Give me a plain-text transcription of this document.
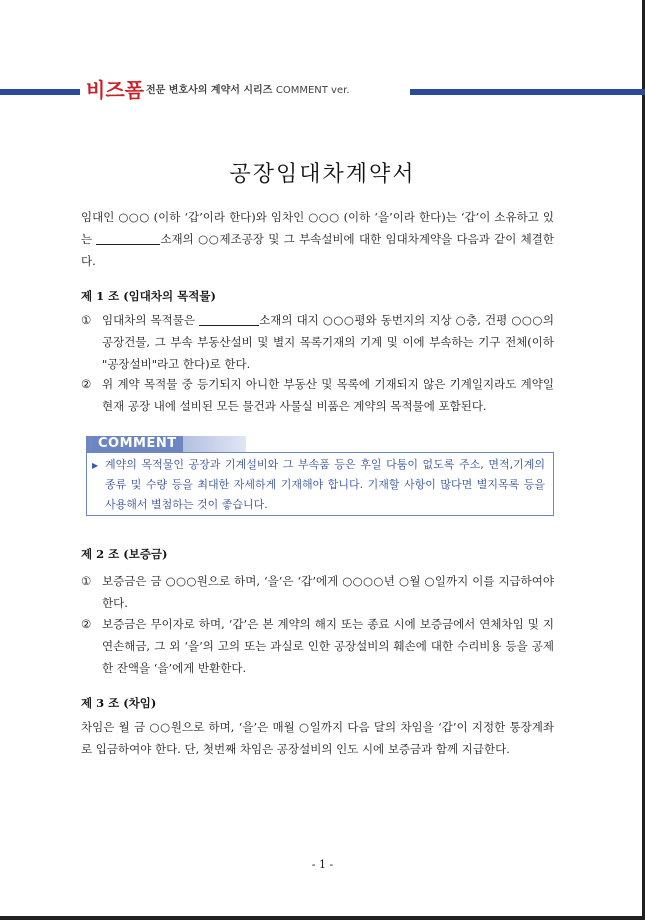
비즈폼 전문 변호사의 계약서 시리즈 COMMENT ver.
공장임대차계약서
임대인 ○○○ (이하 ‘갑’이라 한다)와 임차인 ○○○ (이하 ‘을’이라 한다)는 ‘갑’이 소유하고 있는	소재의 ○○제조공장 및 그 부속설비에 대한 임대차계약을 다음과 같이 체결한다.
제 1 조 (임대차의 목적물)
① 임대차의 목적물은	소재의 대지 ○○○평와 동번지의 지상 ○층, 건평 ○○○의 공장건물, 그 부속 부동산설비 및 별지 목록기재의 기계 및 이에 부속하는 기구 전체(이하 "공장설비"라고 한다)로 한다.
② 위 계약 목적물 중 등기되지 아니한 부동산 및 목록에 기재되지 않은 기계일지라도 계약일 현재 공장 내에 설비된 모든 물건과 사물실 비품은 계약의 목적물에 포함된다.
COMMENT
▶ 계약의 목적물인 공장과 기계설비와 그 부속품 등은 후일 다툼이 없도록 주소, 면적,기계의 종류 및 수량 등을 최대한 자세하게 기재해야 합니다. 기재할 사항이 많다면 별지목록 등을 사용해서 별첨하는 것이 좋습니다.
제 2 조 (보증금)
① 보증금은 금 ○○○원으로 하며, ‘을’은 ‘갑’에게 ○○○○년 ○월 ○일까지 이를 지급하여야 한다.
② 보증금은 무이자로 하며, ‘갑’은 본 계약의 해지 또는 종료 시에 보증금에서 연체차임 및 지연손해금, 그 외 ‘을’의 고의 또는 과실로 인한 공장설비의 훼손에 대한 수리비용 등을 공제한 잔액을 ‘을’에게 반환한다.
제 3 조 (차임)
차임은 월 금 ○○원으로 하며, ‘을’은 매월 ○일까지 다음 달의 차임을 ‘갑’이 지정한 통장계좌로 입금하여야 한다. 단, 첫번째 차임은 공장설비의 인도 시에 보증금과 함께 지급한다.
- 1 -
